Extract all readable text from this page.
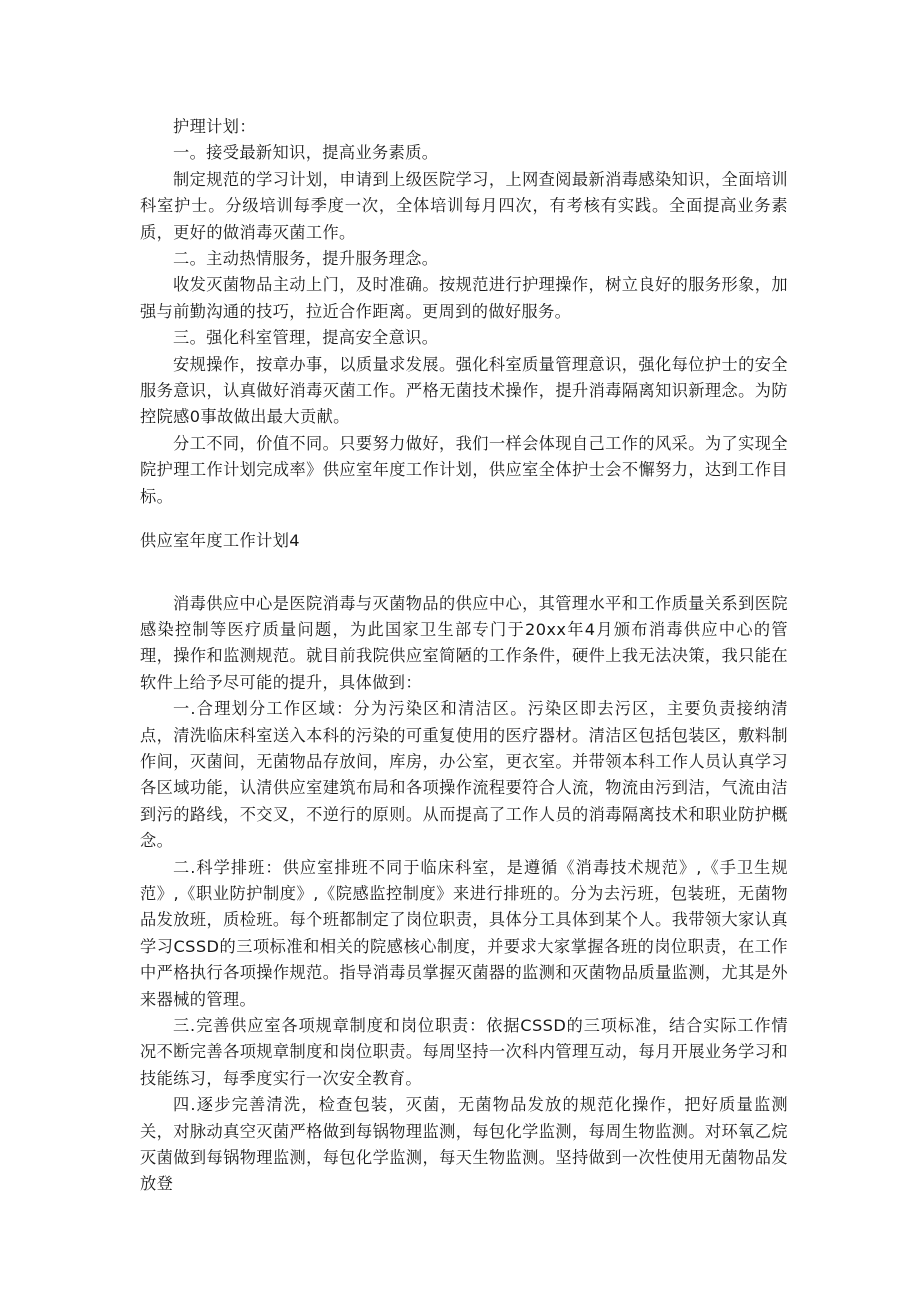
护理计划：

一。接受最新知识，提高业务素质。

制定规范的学习计划，申请到上级医院学习，上网查阅最新消毒感染知识，全面培训科室护士。分级培训每季度一次，全体培训每月四次，有考核有实践。全面提高业务素质，更好的做消毒灭菌工作。

二。主动热情服务，提升服务理念。

收发灭菌物品主动上门，及时准确。按规范进行护理操作，树立良好的服务形象，加强与前勤沟通的技巧，拉近合作距离。更周到的做好服务。

三。强化科室管理，提高安全意识。

安规操作，按章办事，以质量求发展。强化科室质量管理意识，强化每位护士的安全服务意识，认真做好消毒灭菌工作。严格无菌技术操作，提升消毒隔离知识新理念。为防控院感0事故做出最大贡献。

分工不同，价值不同。只要努力做好，我们一样会体现自己工作的风采。为了实现全院护理工作计划完成率》供应室年度工作计划，供应室全体护士会不懈努力，达到工作目标。

供应室年度工作计划4

消毒供应中心是医院消毒与灭菌物品的供应中心，其管理水平和工作质量关系到医院感染控制等医疗质量问题，为此国家卫生部专门于20xx年4月颁布消毒供应中心的管理，操作和监测规范。就目前我院供应室简陋的工作条件，硬件上我无法决策，我只能在软件上给予尽可能的提升，具体做到：

一.合理划分工作区域：分为污染区和清洁区。污染区即去污区，主要负责接纳清点，清洗临床科室送入本科的污染的可重复使用的医疗器材。清洁区包括包装区，敷料制作间，灭菌间，无菌物品存放间，库房，办公室，更衣室。并带领本科工作人员认真学习各区域功能，认清供应室建筑布局和各项操作流程要符合人流，物流由污到洁，气流由洁到污的路线，不交叉，不逆行的原则。从而提高了工作人员的消毒隔离技术和职业防护概念。

二.科学排班：供应室排班不同于临床科室，是遵循《消毒技术规范》,《手卫生规范》,《职业防护制度》,《院感监控制度》来进行排班的。分为去污班，包装班，无菌物品发放班，质检班。每个班都制定了岗位职责，具体分工具体到某个人。我带领大家认真学习CSSD的三项标准和相关的院感核心制度，并要求大家掌握各班的岗位职责，在工作中严格执行各项操作规范。指导消毒员掌握灭菌器的监测和灭菌物品质量监测，尤其是外来器械的管理。

三.完善供应室各项规章制度和岗位职责：依据CSSD的三项标准，结合实际工作情况不断完善各项规章制度和岗位职责。每周坚持一次科内管理互动，每月开展业务学习和技能练习，每季度实行一次安全教育。

四.逐步完善清洗，检查包装，灭菌，无菌物品发放的规范化操作，把好质量监测关，对脉动真空灭菌严格做到每锅物理监测，每包化学监测，每周生物监测。对环氧乙烷灭菌做到每锅物理监测，每包化学监测，每天生物监测。坚持做到一次性使用无菌物品发放登
